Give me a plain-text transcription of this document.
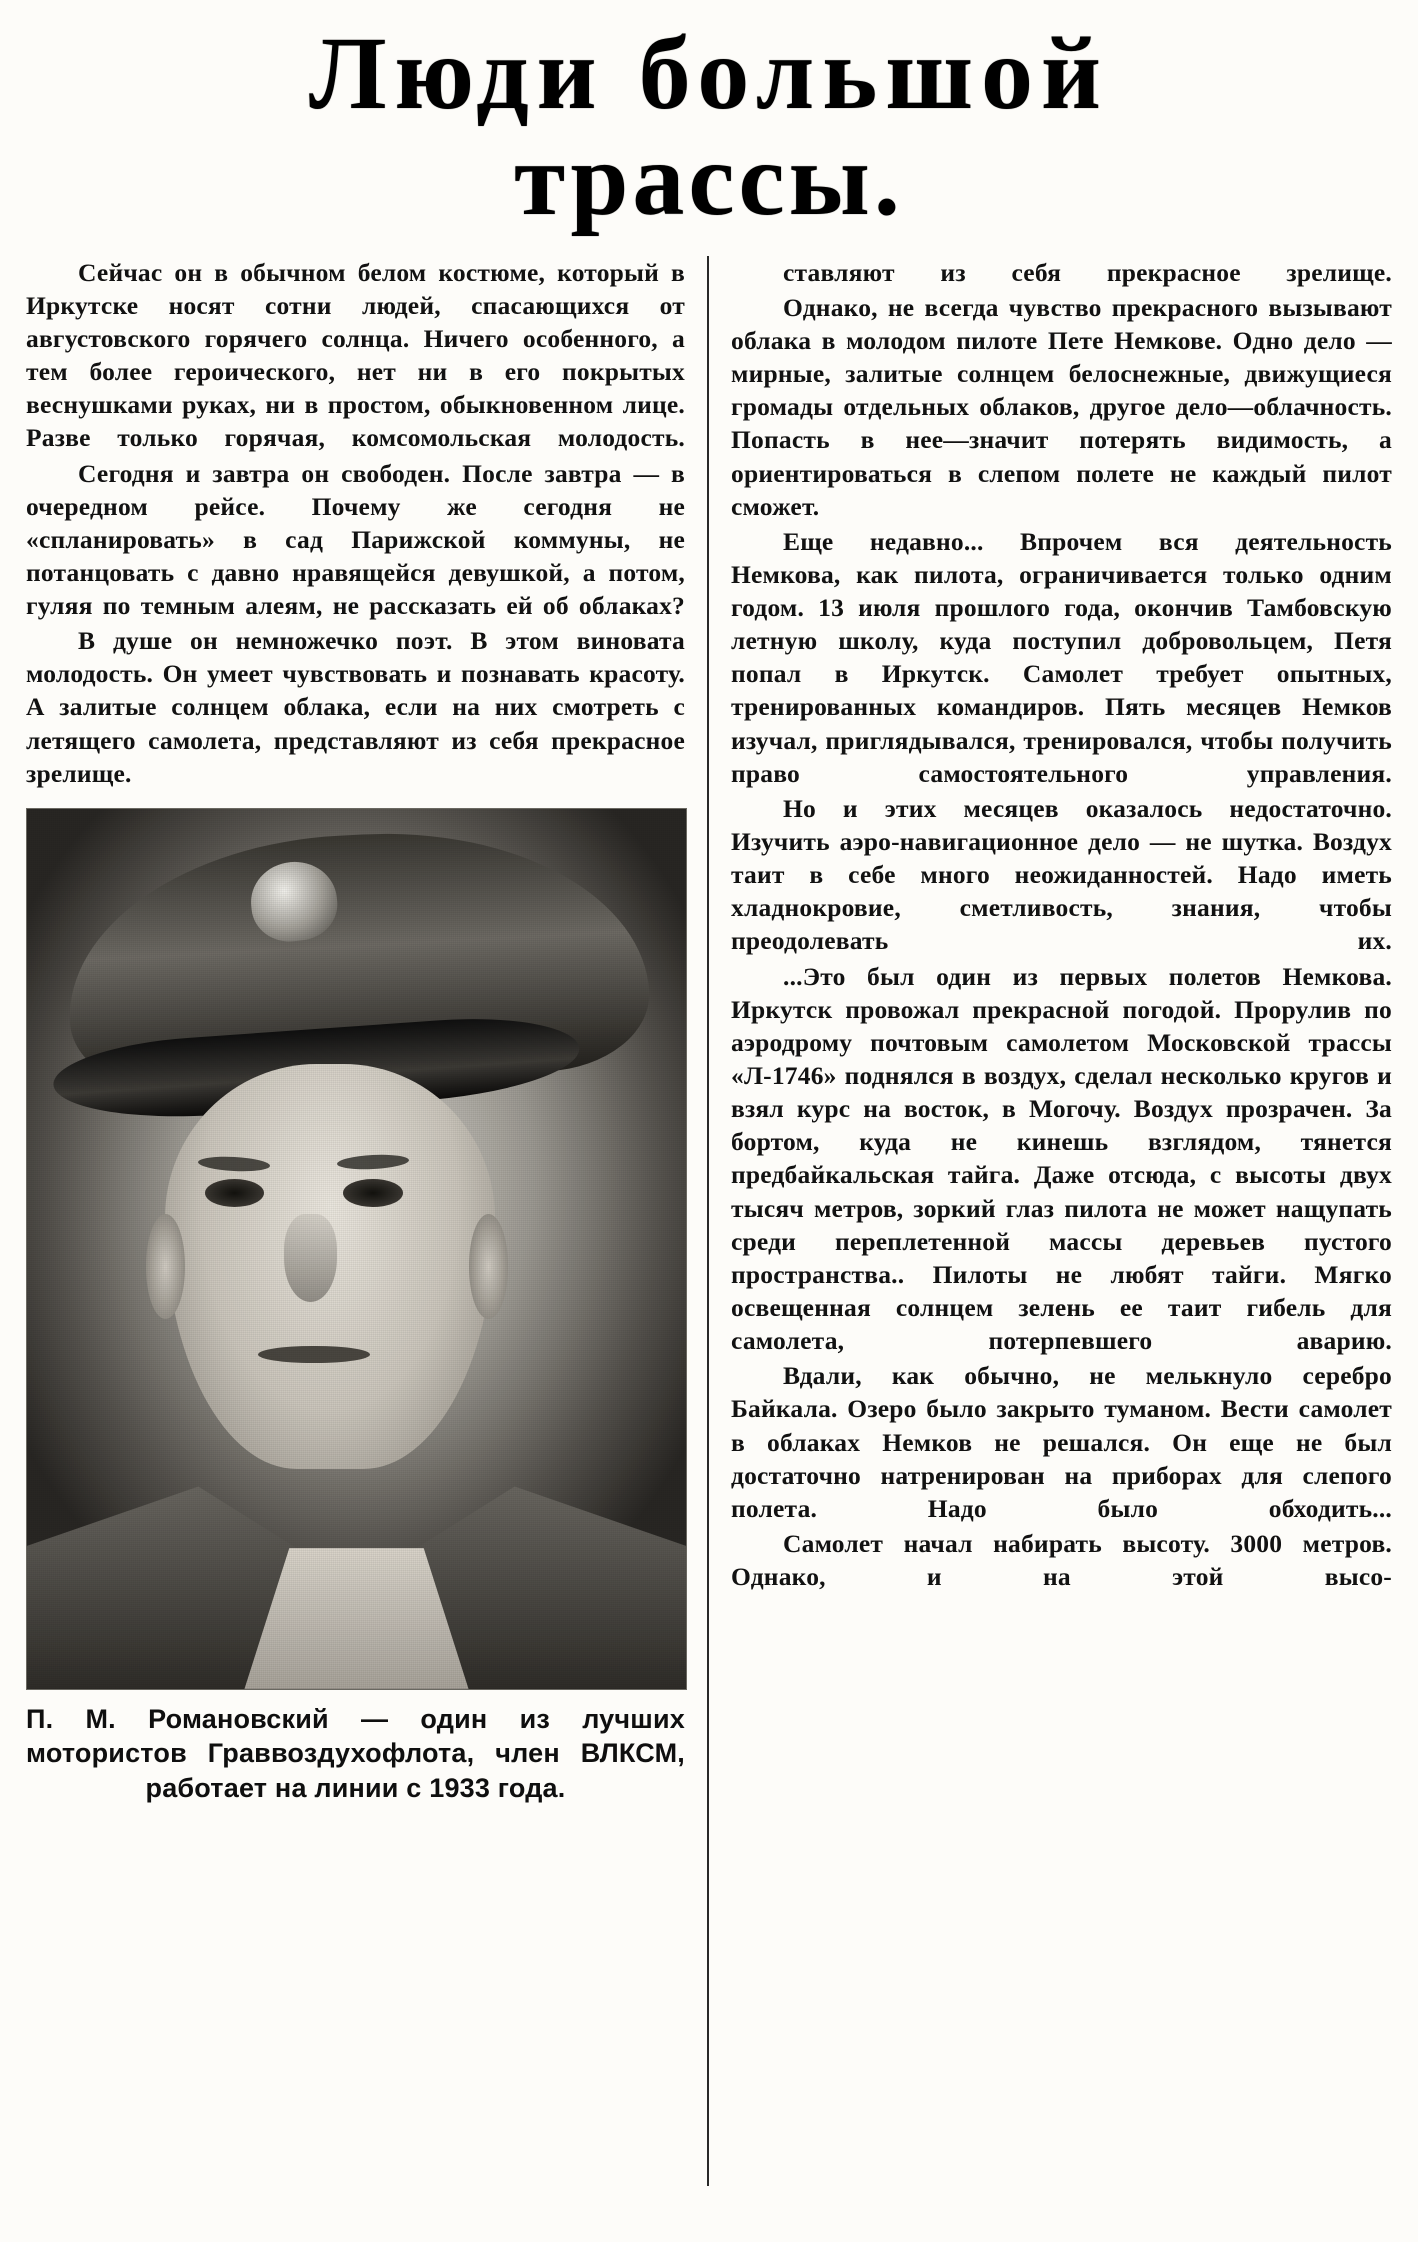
Люди большой
трассы.

Сейчас он в обычном белом костюме, который в Иркутске носят сотни людей, спасающихся от августовского горячего солнца. Ничего особенного, а тем более героического, нет ни в его покрытых веснушками руках, ни в простом, обыкновенном лице. Разве только горячая, комсомольская молодость.

Сегодня и завтра он свободен. После завтра — в очередном рейсе. Почему же сегодня не «спланировать» в сад Парижской коммуны, не потанцовать с давно нравящейся девушкой, а потом, гуляя по темным алеям, не рассказать ей об облаках?

В душе он немножечко поэт. В этом виновата молодость. Он умеет чувствовать и познавать красоту. А залитые солнцем облака, если на них смотреть с летящего самолета, представляют из себя прекрасное зрелище.

П. М. Романовский — один из лучших мотористов Граввоздухофлота, член ВЛКСМ, работает на линии с 1933 года.

ставляют из себя прекрасное зрелище.

Однако, не всегда чувство прекрасного вызывают облака в молодом пилоте Пете Немкове. Одно дело — мирные, залитые солнцем белоснежные, движущиеся громады отдельных облаков, другое дело—облачность. Попасть в нее—значит потерять видимость, а ориентироваться в слепом полете не каждый пилот сможет.

Еще недавно... Впрочем вся деятельность Немкова, как пилота, ограничивается только одним годом. 13 июля прошлого года, окончив Тамбовскую летную школу, куда поступил добровольцем, Петя попал в Иркутск. Самолет требует опытных, тренированных командиров. Пять месяцев Немков изучал, приглядывался, тренировался, чтобы получить право самостоятельного управления.

Но и этих месяцев оказалось недостаточно. Изучить аэро-навигационное дело — не шутка. Воздух таит в себе много неожиданностей. Надо иметь хладнокровие, сметливость, знания, чтобы преодолевать их.

...Это был один из первых полетов Немкова. Иркутск провожал прекрасной погодой. Прорулив по аэродрому почтовым самолетом Московской трассы «Л-1746» поднялся в воздух, сделал несколько кругов и взял курс на восток, в Могочу. Воздух прозрачен. За бортом, куда не кинешь взглядом, тянется предбайкальская тайга. Даже отсюда, с высоты двух тысяч метров, зоркий глаз пилота не может нащупать среди переплетенной массы деревьев пустого пространства.. Пилоты не любят тайги. Мягко освещенная солнцем зелень ее таит гибель для самолета, потерпевшего аварию.

Вдали, как обычно, не мелькнуло серебро Байкала. Озеро было закрыто туманом. Вести самолет в облаках Немков не решался. Он еще не был достаточно натренирован на приборах для слепого полета. Надо было обходить...

Самолет начал набирать высоту. 3000 метров. Однако, и на этой высо-
